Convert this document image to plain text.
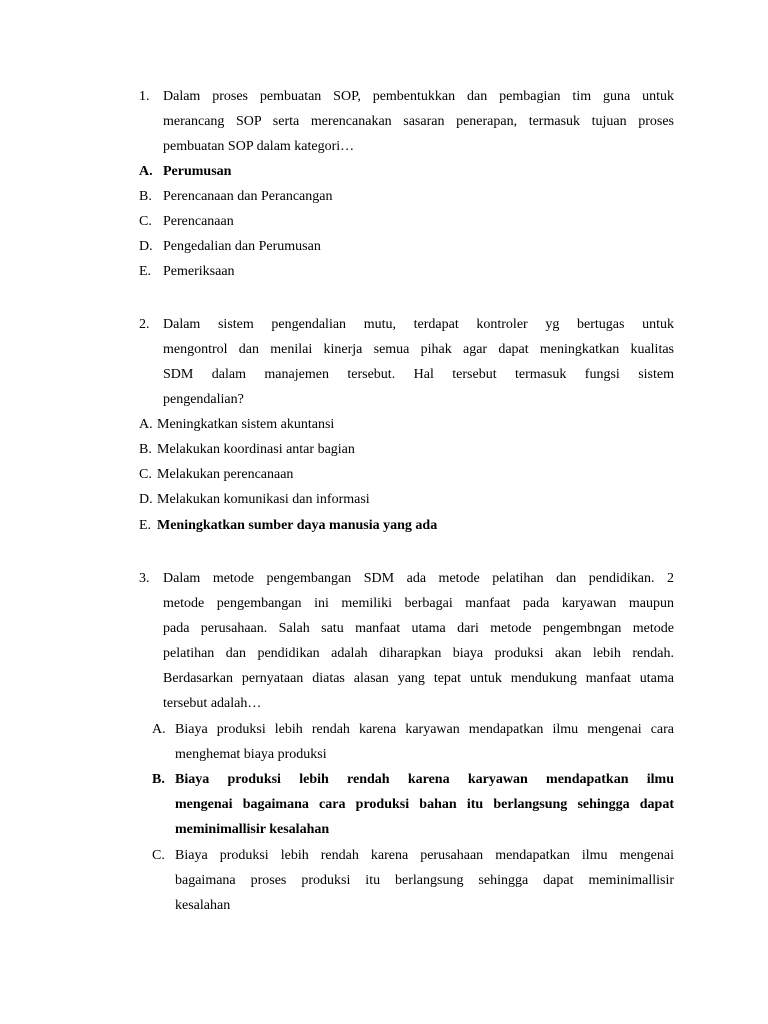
1. Dalam proses pembuatan SOP, pembentukkan dan pembagian tim guna untuk
merancang SOP serta merencanakan sasaran penerapan, termasuk tujuan proses
pembuatan SOP dalam kategori…
A. Perumusan
B. Perencanaan dan Perancangan
C. Perencanaan
D. Pengedalian dan Perumusan
E. Pemeriksaan
2. Dalam sistem pengendalian mutu, terdapat kontroler yg bertugas untuk
mengontrol dan menilai kinerja semua pihak agar dapat meningkatkan kualitas
SDM dalam manajemen tersebut. Hal tersebut termasuk fungsi sistem
pengendalian?
A. Meningkatkan sistem akuntansi
B. Melakukan koordinasi antar bagian
C. Melakukan perencanaan
D. Melakukan komunikasi dan informasi
E. Meningkatkan sumber daya manusia yang ada
3. Dalam metode pengembangan SDM ada metode pelatihan dan pendidikan. 2
metode pengembangan ini memiliki berbagai manfaat pada karyawan maupun
pada perusahaan. Salah satu manfaat utama dari metode pengembngan metode
pelatihan dan pendidikan adalah diharapkan biaya produksi akan lebih rendah.
Berdasarkan pernyataan diatas alasan yang tepat untuk mendukung manfaat utama
tersebut adalah…
A. Biaya produksi lebih rendah karena karyawan mendapatkan ilmu mengenai cara
menghemat biaya produksi
B. Biaya produksi lebih rendah karena karyawan mendapatkan ilmu
mengenai bagaimana cara produksi bahan itu berlangsung sehingga dapat
meminimallisir kesalahan
C. Biaya produksi lebih rendah karena perusahaan mendapatkan ilmu mengenai
bagaimana proses produksi itu berlangsung sehingga dapat meminimallisir
kesalahan
